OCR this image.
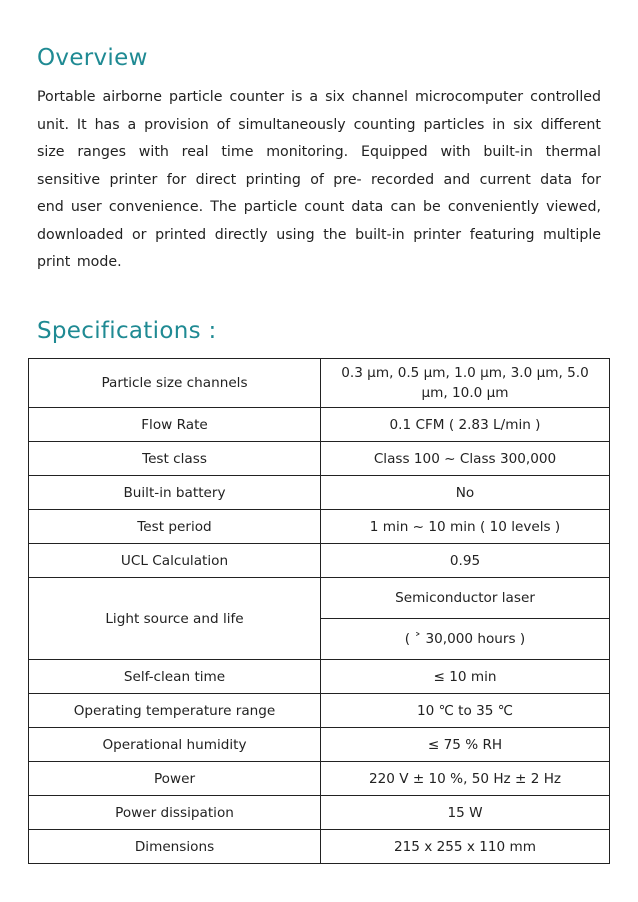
Overview

Portable airborne particle counter is a six channel microcomputer controlled unit. It has a provision of simultaneously counting particles in six different size ranges with real time monitoring. Equipped with built-in thermal sensitive printer for direct printing of pre- recorded and current data for end user convenience. The particle count data can be conveniently viewed, downloaded or printed directly using the built-in printer featuring multiple print mode.

Specifications :
Particle size channels	0.3 μm, 0.5 μm, 1.0 μm, 3.0 μm, 5.0 μm, 10.0 μm
Flow Rate	0.1 CFM ( 2.83 L/min )
Test class	Class 100 ~ Class 300,000
Built-in battery	No
Test period	1 min ~ 10 min ( 10 levels )
UCL Calculation	0.95
Light source and life	Semiconductor laser
	( ˃ 30,000 hours )
Self-clean time	≤ 10 min
Operating temperature range	10 ℃ to 35 ℃
Operational humidity	≤ 75 % RH
Power	220 V ± 10 %, 50 Hz ± 2 Hz
Power dissipation	15 W
Dimensions	215 x 255 x 110 mm
